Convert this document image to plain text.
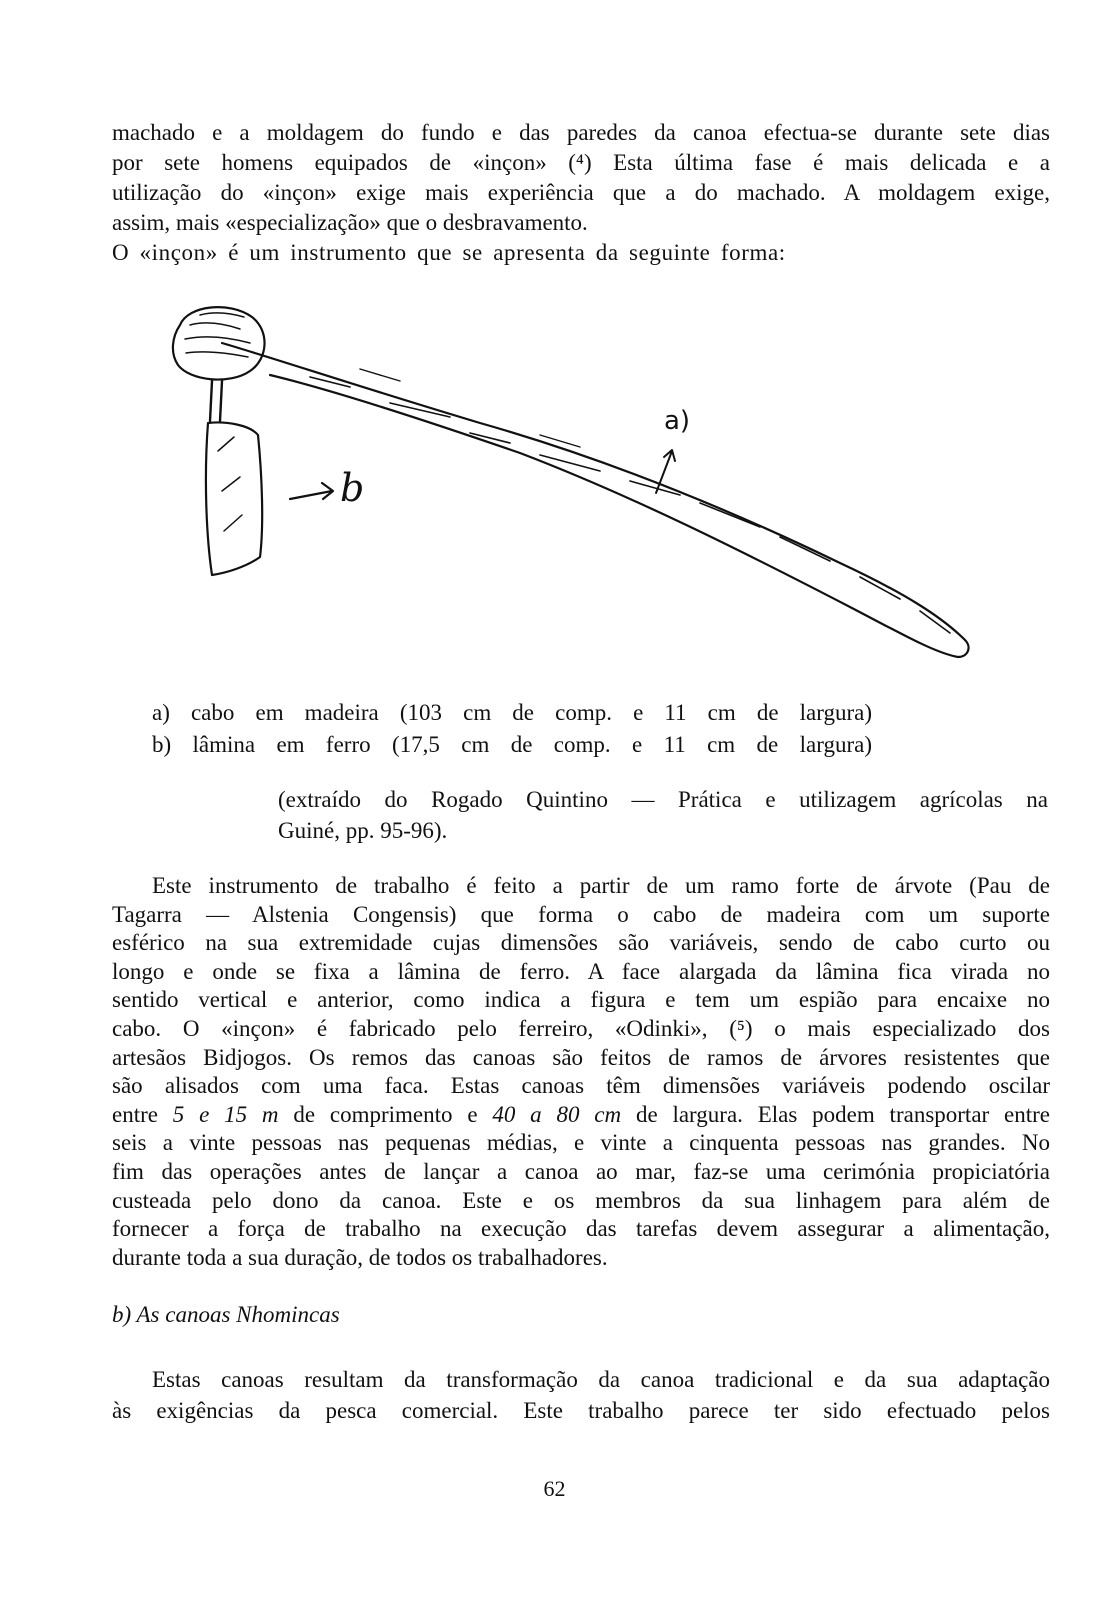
machado e a moldagem do fundo e das paredes da canoa efectua-se durante sete dias
por sete homens equipados de «inçon» (⁴) Esta última fase é mais delicada e a
utilização do «inçon» exige mais experiência que a do machado. A moldagem exige,
assim, mais «especialização» que o desbravamento.
O «inçon» é um instrumento que se apresenta da seguinte forma:
a)
b
a) cabo em madeira (103 cm de comp. e 11 cm de largura)
b) lâmina em ferro (17,5 cm de comp. e 11 cm de largura)
(extraído do Rogado Quintino — Prática e utilizagem agrícolas na
Guiné, pp. 95-96).
Este instrumento de trabalho é feito a partir de um ramo forte de árvote (Pau de
Tagarra — Alstenia Congensis) que forma o cabo de madeira com um suporte
esférico na sua extremidade cujas dimensões são variáveis, sendo de cabo curto ou
longo e onde se fixa a lâmina de ferro. A face alargada da lâmina fica virada no
sentido vertical e anterior, como indica a figura e tem um espião para encaixe no
cabo. O «inçon» é fabricado pelo ferreiro, «Odinki», (⁵) o mais especializado dos
artesãos Bidjogos. Os remos das canoas são feitos de ramos de árvores resistentes que
são alisados com uma faca. Estas canoas têm dimensões variáveis podendo oscilar
entre 5 e 15 m de comprimento e 40 a 80 cm de largura. Elas podem transportar entre
seis a vinte pessoas nas pequenas médias, e vinte a cinquenta pessoas nas grandes. No
fim das operações antes de lançar a canoa ao mar, faz-se uma cerimónia propiciatória
custeada pelo dono da canoa. Este e os membros da sua linhagem para além de
fornecer a força de trabalho na execução das tarefas devem assegurar a alimentação,
durante toda a sua duração, de todos os trabalhadores.
b) As canoas Nhomincas
Estas canoas resultam da transformação da canoa tradicional e da sua adaptação
às exigências da pesca comercial. Este trabalho parece ter sido efectuado pelos
62
